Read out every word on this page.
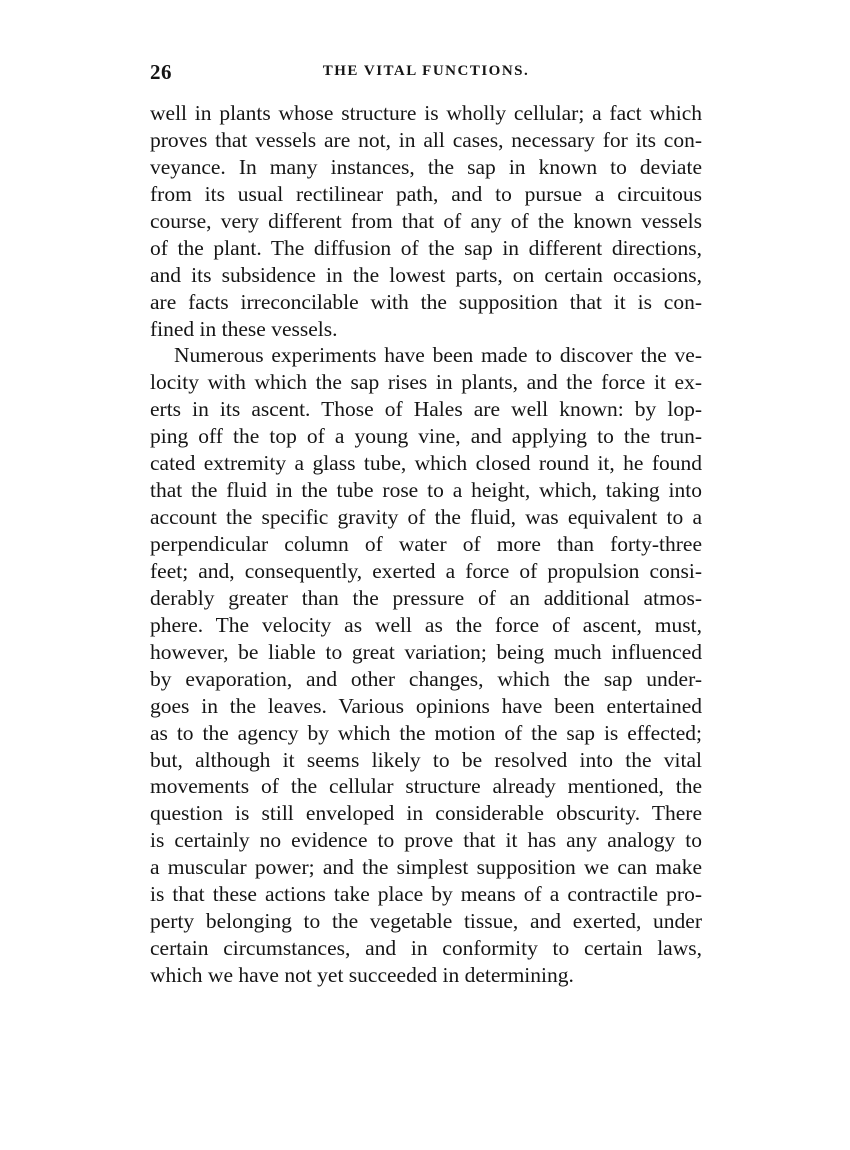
26	THE VITAL FUNCTIONS.
well in plants whose structure is wholly cellular; a fact which
proves that vessels are not, in all cases, necessary for its con-
veyance. In many instances, the sap in known to deviate
from its usual rectilinear path, and to pursue a circuitous
course, very different from that of any of the known vessels
of the plant. The diffusion of the sap in different directions,
and its subsidence in the lowest parts, on certain occasions,
are facts irreconcilable with the supposition that it is con-
fined in these vessels.
Numerous experiments have been made to discover the ve-
locity with which the sap rises in plants, and the force it ex-
erts in its ascent. Those of Hales are well known: by lop-
ping off the top of a young vine, and applying to the trun-
cated extremity a glass tube, which closed round it, he found
that the fluid in the tube rose to a height, which, taking into
account the specific gravity of the fluid, was equivalent to a
perpendicular column of water of more than forty-three
feet; and, consequently, exerted a force of propulsion consi-
derably greater than the pressure of an additional atmos-
phere. The velocity as well as the force of ascent, must,
however, be liable to great variation; being much influenced
by evaporation, and other changes, which the sap under-
goes in the leaves. Various opinions have been entertained
as to the agency by which the motion of the sap is effected;
but, although it seems likely to be resolved into the vital
movements of the cellular structure already mentioned, the
question is still enveloped in considerable obscurity. There
is certainly no evidence to prove that it has any analogy to
a muscular power; and the simplest supposition we can make
is that these actions take place by means of a contractile pro-
perty belonging to the vegetable tissue, and exerted, under
certain circumstances, and in conformity to certain laws,
which we have not yet succeeded in determining.
